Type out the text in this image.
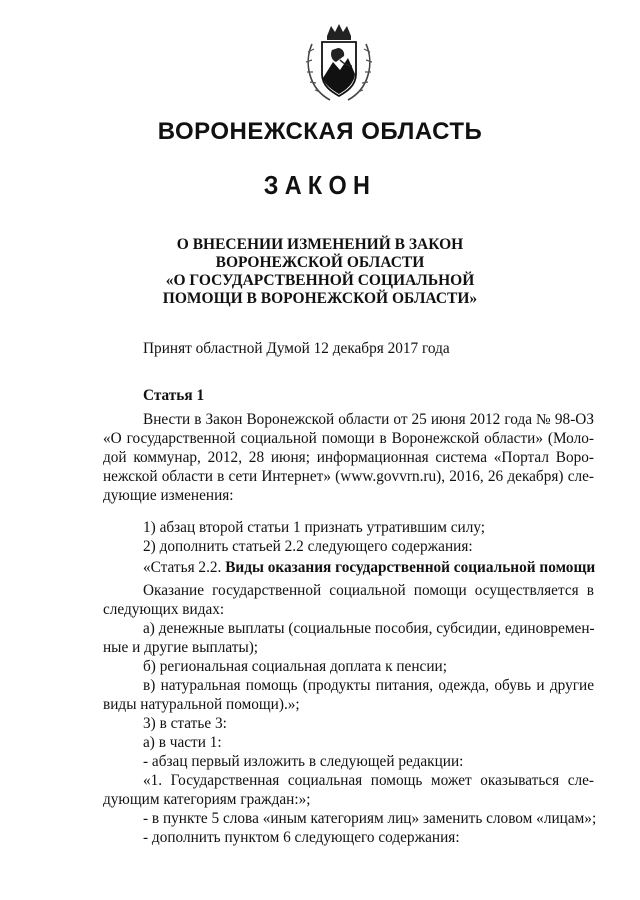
ВОРОНЕЖСКАЯ ОБЛАСТЬ
ЗАКОН
О ВНЕСЕНИИ ИЗМЕНЕНИЙ В ЗАКОН
ВОРОНЕЖСКОЙ ОБЛАСТИ
«О ГОСУДАРСТВЕННОЙ СОЦИАЛЬНОЙ
ПОМОЩИ В ВОРОНЕЖСКОЙ ОБЛАСТИ»
Принят областной Думой 12 декабря 2017 года
Статья 1
Внести в Закон Воронежской области от 25 июня 2012 года № 98-ОЗ
«О государственной социальной помощи в Воронежской области» (Моло-
дой коммунар, 2012, 28 июня; информационная система «Портал Воро-
нежской области в сети Интернет» (www.govvrn.ru), 2016, 26 декабря) сле-
дующие изменения:
1) абзац второй статьи 1 признать утратившим силу;
2) дополнить статьей 2.2 следующего содержания:
«Статья 2.2. Виды оказания государственной социальной помощи
Оказание государственной социальной помощи осуществляется в
следующих видах:
а) денежные выплаты (социальные пособия, субсидии, единовремен-
ные и другие выплаты);
б) региональная социальная доплата к пенсии;
в) натуральная помощь (продукты питания, одежда, обувь и другие
виды натуральной помощи).»;
3) в статье 3:
а) в части 1:
- абзац первый изложить в следующей редакции:
«1. Государственная социальная помощь может оказываться сле-
дующим категориям граждан:»;
- в пункте 5 слова «иным категориям лиц» заменить словом «лицам»;
- дополнить пунктом 6 следующего содержания:
